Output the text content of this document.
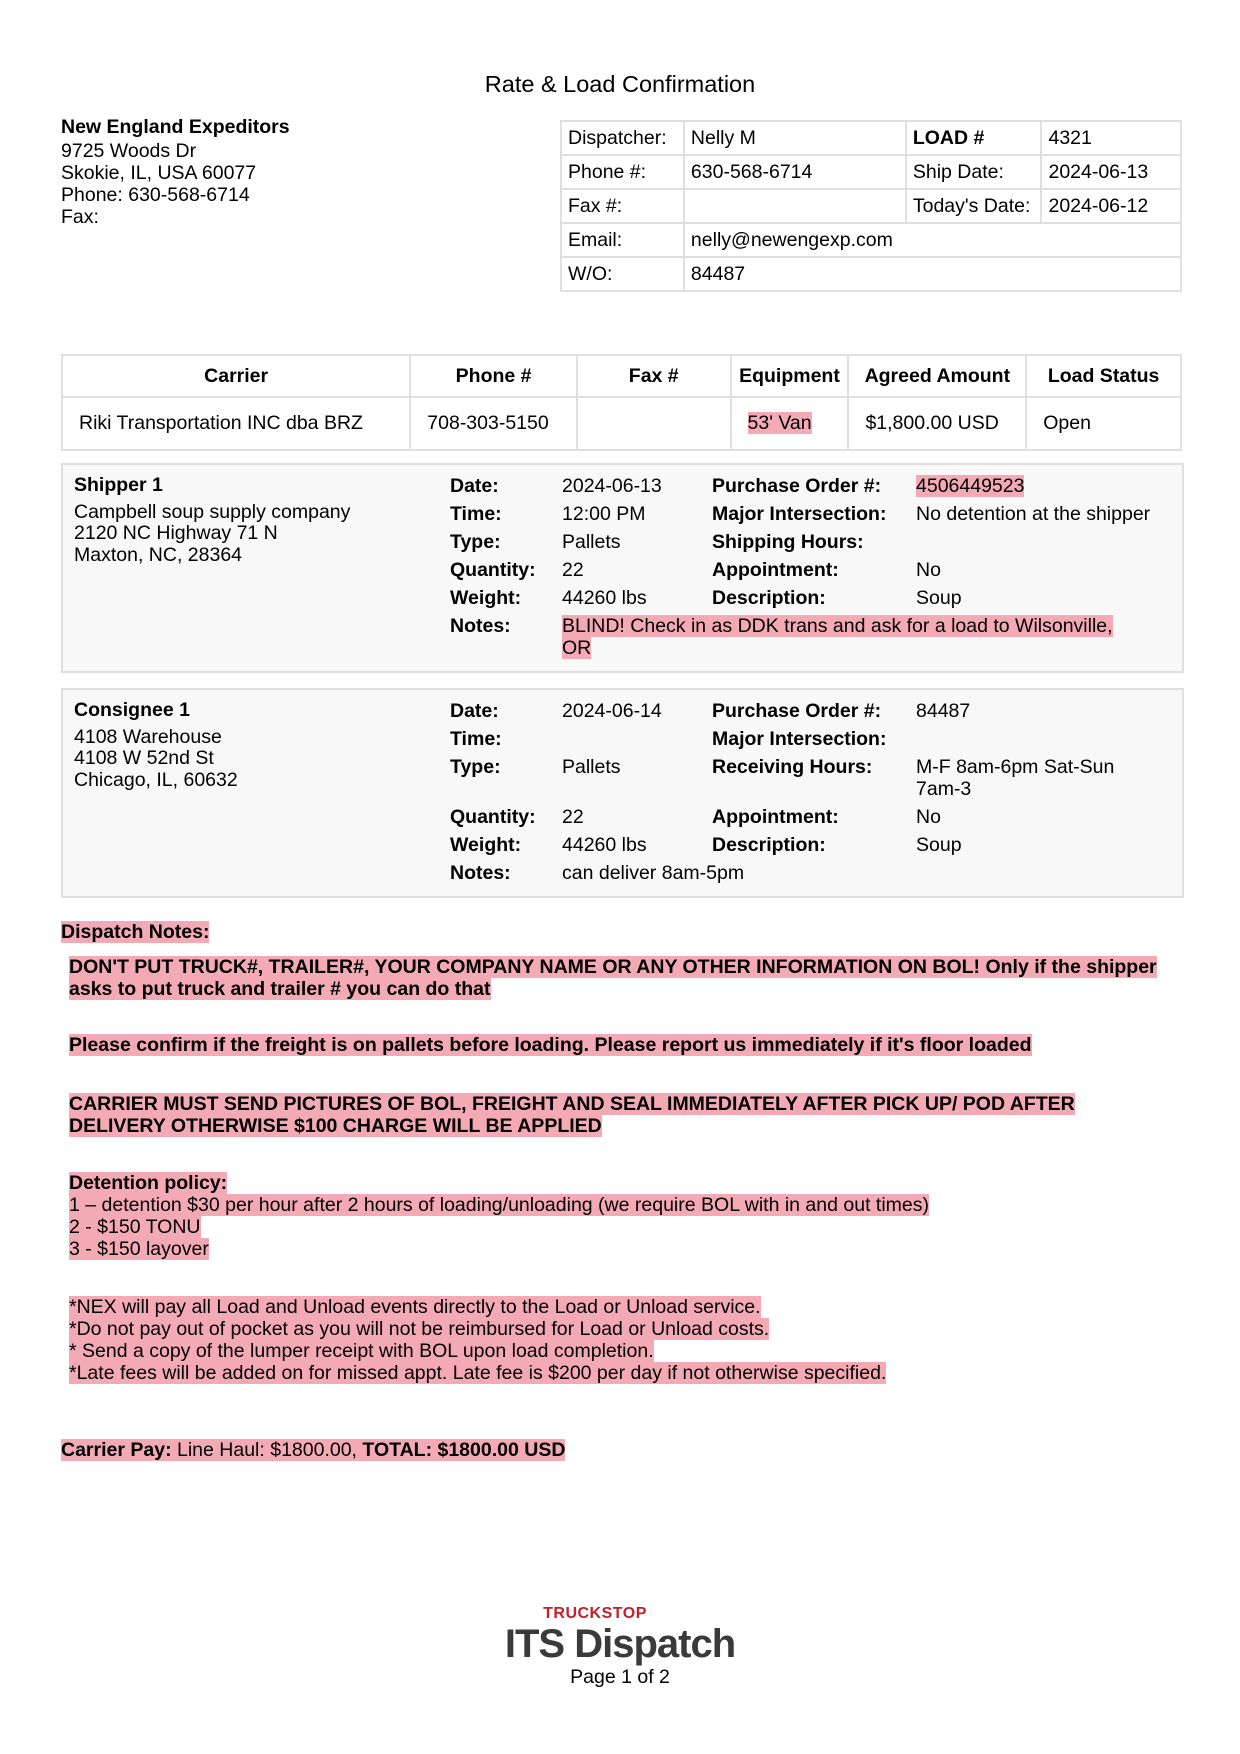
Rate & Load Confirmation
New England Expeditors
9725 Woods Dr
Skokie, IL, USA 60077
Phone: 630-568-6714
Fax:
Dispatcher:	Nelly M	LOAD #	4321
Phone #:	630-568-6714	Ship Date:	2024-06-13
Fax #:		Today's Date:	2024-06-12
Email:	nelly@newengexp.com		
W/O:	84487		
Carrier	Phone #	Fax #	Equipment	Agreed Amount	Load Status
Riki Transportation INC dba BRZ	708-303-5150		53' Van	$1,800.00 USD	Open
Shipper 1
Campbell soup supply company
2120 NC Highway 71 N
Maxton, NC, 28364
Date:	2024-06-13
Time:	12:00 PM
Type:	Pallets
Quantity: 22
Weight: 44260 lbs
Notes:	BLIND! Check in as DDK trans and ask for a load to Wilsonville, OR
Purchase Order #: 4506449523
Major Intersection: No detention at the shipper
Shipping Hours:
Appointment:	No
Description:	Soup
Consignee 1
4108 Warehouse
4108 W 52nd St
Chicago, IL, 60632
Date:	2024-06-14
Time:
Type:	Pallets
Quantity: 22
Weight: 44260 lbs
Notes:	can deliver 8am-5pm
Purchase Order #: 84487
Major Intersection:
Receiving Hours: M-F 8am-6pm Sat-Sun 7am-3
Appointment:	No
Description:	Soup
Dispatch Notes:
DON'T PUT TRUCK#, TRAILER#, YOUR COMPANY NAME OR ANY OTHER INFORMATION ON BOL! Only if the shipper asks to put truck and trailer # you can do that
Please confirm if the freight is on pallets before loading. Please report us immediately if it's floor loaded
CARRIER MUST SEND PICTURES OF BOL, FREIGHT AND SEAL IMMEDIATELY AFTER PICK UP/ POD AFTER DELIVERY OTHERWISE $100 CHARGE WILL BE APPLIED
Detention policy:
1 – detention $30 per hour after 2 hours of loading/unloading (we require BOL with in and out times)
2 - $150 TONU
3 - $150 layover
*NEX will pay all Load and Unload events directly to the Load or Unload service.
*Do not pay out of pocket as you will not be reimbursed for Load or Unload costs.
* Send a copy of the lumper receipt with BOL upon load completion.
*Late fees will be added on for missed appt. Late fee is $200 per day if not otherwise specified.
Carrier Pay: Line Haul: $1800.00, TOTAL: $1800.00 USD
TRUCKSTOP
ITS Dispatch
Page 1 of 2
